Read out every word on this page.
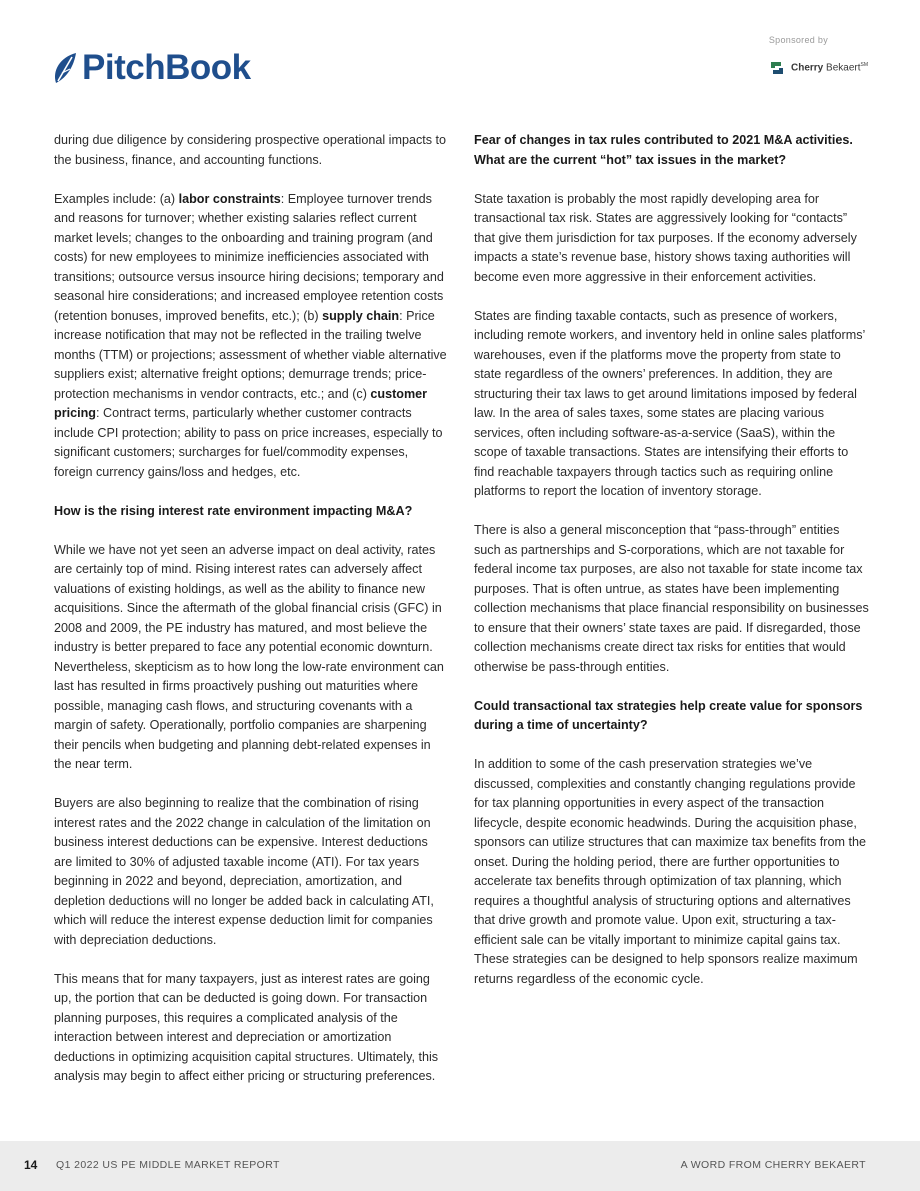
PitchBook
Sponsored by
Cherry Bekaert℠

during due diligence by considering prospective operational impacts to the business, finance, and accounting functions.

Examples include: (a) labor constraints: Employee turnover trends and reasons for turnover; whether existing salaries reflect current market levels; changes to the onboarding and training program (and costs) for new employees to minimize inefficiencies associated with transitions; outsource versus insource hiring decisions; temporary and seasonal hire considerations; and increased employee retention costs (retention bonuses, improved benefits, etc.); (b) supply chain: Price increase notification that may not be reflected in the trailing twelve months (TTM) or projections; assessment of whether viable alternative suppliers exist; alternative freight options; demurrage trends; price-protection mechanisms in vendor contracts, etc.; and (c) customer pricing: Contract terms, particularly whether customer contracts include CPI protection; ability to pass on price increases, especially to significant customers; surcharges for fuel/commodity expenses, foreign currency gains/loss and hedges, etc.

How is the rising interest rate environment impacting M&A?

While we have not yet seen an adverse impact on deal activity, rates are certainly top of mind. Rising interest rates can adversely affect valuations of existing holdings, as well as the ability to finance new acquisitions. Since the aftermath of the global financial crisis (GFC) in 2008 and 2009, the PE industry has matured, and most believe the industry is better prepared to face any potential economic downturn. Nevertheless, skepticism as to how long the low-rate environment can last has resulted in firms proactively pushing out maturities where possible, managing cash flows, and structuring covenants with a margin of safety. Operationally, portfolio companies are sharpening their pencils when budgeting and planning debt-related expenses in the near term.

Buyers are also beginning to realize that the combination of rising interest rates and the 2022 change in calculation of the limitation on business interest deductions can be expensive. Interest deductions are limited to 30% of adjusted taxable income (ATI). For tax years beginning in 2022 and beyond, depreciation, amortization, and depletion deductions will no longer be added back in calculating ATI, which will reduce the interest expense deduction limit for companies with depreciation deductions.

This means that for many taxpayers, just as interest rates are going up, the portion that can be deducted is going down. For transaction planning purposes, this requires a complicated analysis of the interaction between interest and depreciation or amortization deductions in optimizing acquisition capital structures. Ultimately, this analysis may begin to affect either pricing or structuring preferences.

Fear of changes in tax rules contributed to 2021 M&A activities. What are the current “hot” tax issues in the market?

State taxation is probably the most rapidly developing area for transactional tax risk. States are aggressively looking for “contacts” that give them jurisdiction for tax purposes. If the economy adversely impacts a state’s revenue base, history shows taxing authorities will become even more aggressive in their enforcement activities.

States are finding taxable contacts, such as presence of workers, including remote workers, and inventory held in online sales platforms’ warehouses, even if the platforms move the property from state to state regardless of the owners’ preferences. In addition, they are structuring their tax laws to get around limitations imposed by federal law. In the area of sales taxes, some states are placing various services, often including software-as-a-service (SaaS), within the scope of taxable transactions. States are intensifying their efforts to find reachable taxpayers through tactics such as requiring online platforms to report the location of inventory storage.

There is also a general misconception that “pass-through” entities such as partnerships and S-corporations, which are not taxable for federal income tax purposes, are also not taxable for state income tax purposes. That is often untrue, as states have been implementing collection mechanisms that place financial responsibility on businesses to ensure that their owners’ state taxes are paid. If disregarded, those collection mechanisms create direct tax risks for entities that would otherwise be pass-through entities.

Could transactional tax strategies help create value for sponsors during a time of uncertainty?

In addition to some of the cash preservation strategies we’ve discussed, complexities and constantly changing regulations provide for tax planning opportunities in every aspect of the transaction lifecycle, despite economic headwinds. During the acquisition phase, sponsors can utilize structures that can maximize tax benefits from the onset. During the holding period, there are further opportunities to accelerate tax benefits through optimization of tax planning, which requires a thoughtful analysis of structuring options and alternatives that drive growth and promote value. Upon exit, structuring a tax-efficient sale can be vitally important to minimize capital gains tax. These strategies can be designed to help sponsors realize maximum returns regardless of the economic cycle.

14 Q1 2022 US PE MIDDLE MARKET REPORT	A WORD FROM CHERRY BEKAERT
